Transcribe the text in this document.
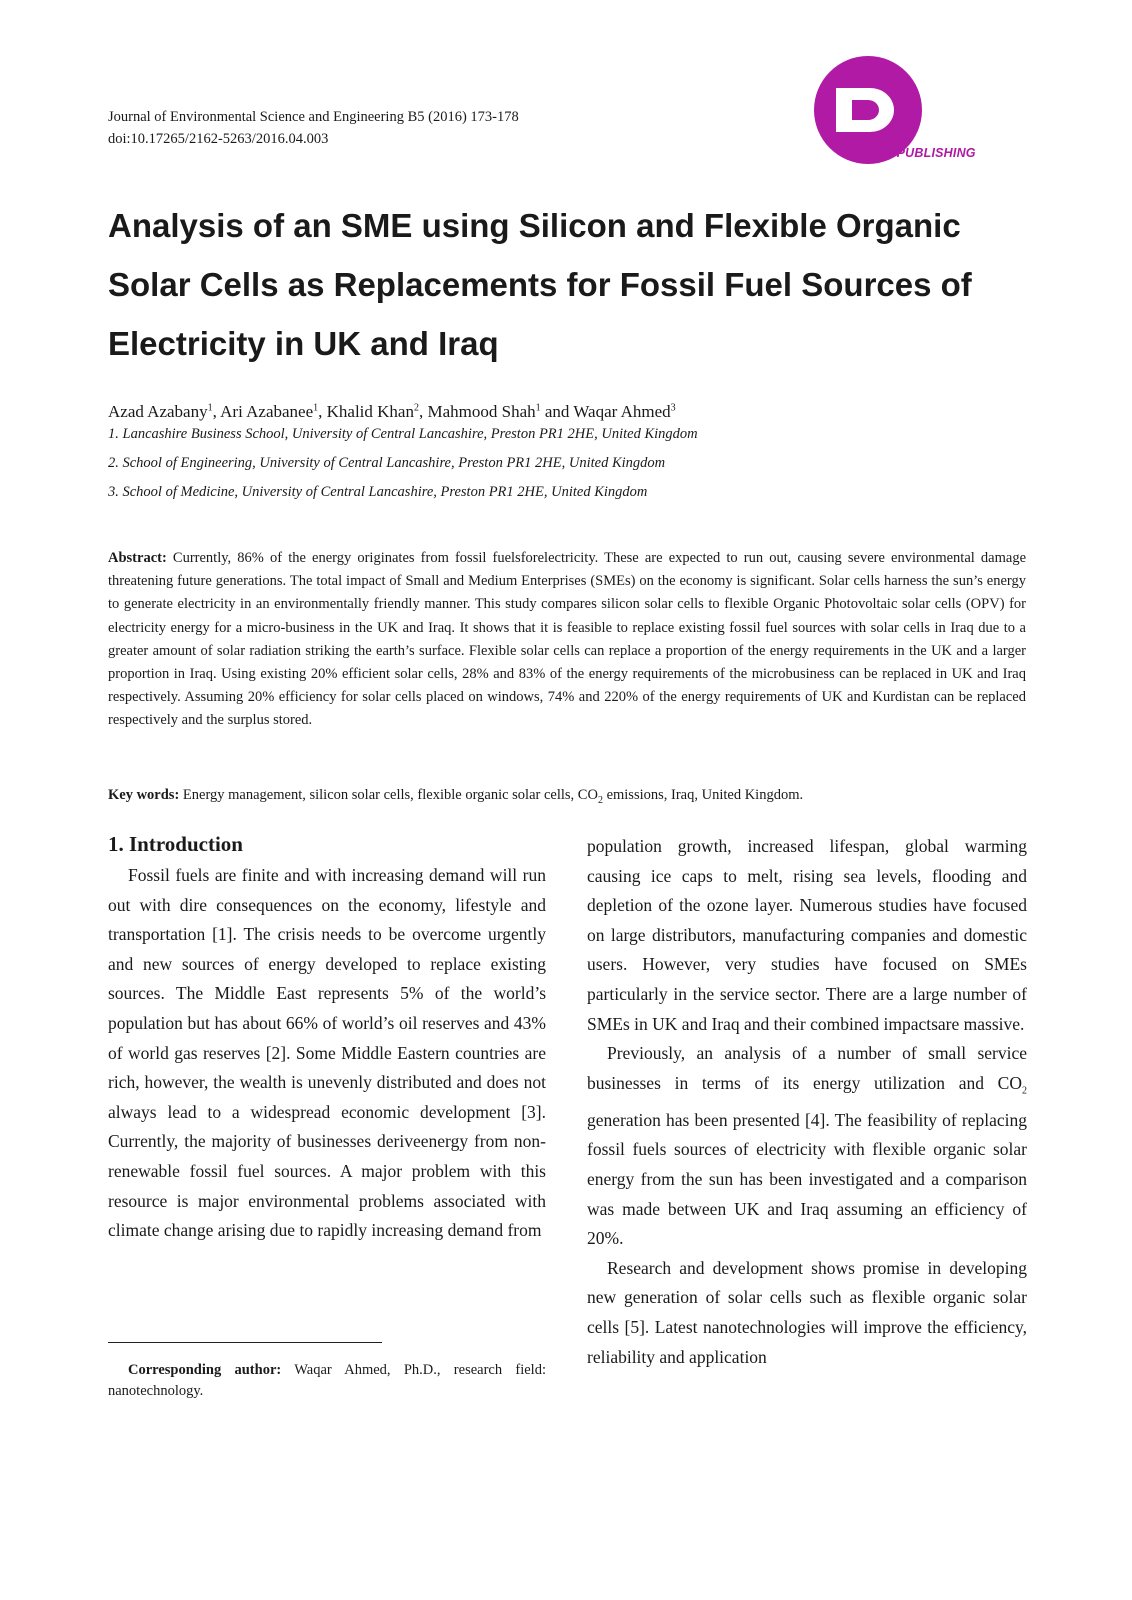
Journal of Environmental Science and Engineering B5 (2016) 173-178
doi:10.17265/2162-5263/2016.04.003
DAVID PUBLISHING
Analysis of an SME using Silicon and Flexible Organic
Solar Cells as Replacements for Fossil Fuel Sources of
Electricity in UK and Iraq
Azad Azabany$^1$, Ari Azabanee$^1$, Khalid Khan$^2$, Mahmood Shah$^1$ and Waqar Ahmed$^3$
1. Lancashire Business School, University of Central Lancashire, Preston PR1 2HE, United Kingdom
2. School of Engineering, University of Central Lancashire, Preston PR1 2HE, United Kingdom
3. School of Medicine, University of Central Lancashire, Preston PR1 2HE, United Kingdom
Abstract: Currently, 86% of the energy originates from fossil fuelsforelectricity. These are expected to run out, causing severe environmental damage threatening future generations. The total impact of Small and Medium Enterprises (SMEs) on the economy is significant. Solar cells harness the sun’s energy to generate electricity in an environmentally friendly manner. This study compares silicon solar cells to flexible Organic Photovoltaic solar cells (OPV) for electricity energy for a micro-business in the UK and Iraq. It shows that it is feasible to replace existing fossil fuel sources with solar cells in Iraq due to a greater amount of solar radiation striking the earth’s surface. Flexible solar cells can replace a proportion of the energy requirements in the UK and a larger proportion in Iraq. Using existing 20% efficient solar cells, 28% and 83% of the energy requirements of the microbusiness can be replaced in UK and Iraq respectively. Assuming 20% efficiency for solar cells placed on windows, 74% and 220% of the energy requirements of UK and Kurdistan can be replaced respectively and the surplus stored.
Key words: Energy management, silicon solar cells, flexible organic solar cells, $CO_2$ emissions, Iraq, United Kingdom.
1. Introduction

Fossil fuels are finite and with increasing demand will run out with dire consequences on the economy, lifestyle and transportation [1]. The crisis needs to be overcome urgently and new sources of energy developed to replace existing sources. The Middle East represents 5% of the world’s population but has about 66% of world’s oil reserves and 43% of world gas reserves [2]. Some Middle Eastern countries are rich, however, the wealth is unevenly distributed and does not always lead to a widespread economic development [3]. Currently, the majority of businesses deriveenergy from non-renewable fossil fuel sources. A major problem with this resource is major environmental problems associated with climate change arising due to rapidly increasing demand from

population growth, increased lifespan, global warming causing ice caps to melt, rising sea levels, flooding and depletion of the ozone layer. Numerous studies have focused on large distributors, manufacturing companies and domestic users. However, very studies have focused on SMEs particularly in the service sector. There are a large number of SMEs in UK and Iraq and their combined impactsare massive.

Previously, an analysis of a number of small service businesses in terms of its energy utilization and $CO_2$ generation has been presented [4]. The feasibility of replacing fossil fuels sources of electricity with flexible organic solar energy from the sun has been investigated and a comparison was made between UK and Iraq assuming an efficiency of 20%.

Research and development shows promise in developing new generation of solar cells such as flexible organic solar cells [5]. Latest nanotechnologies will improve the efficiency, reliability and application

Corresponding author: Waqar Ahmed, Ph.D., research field: nanotechnology.
